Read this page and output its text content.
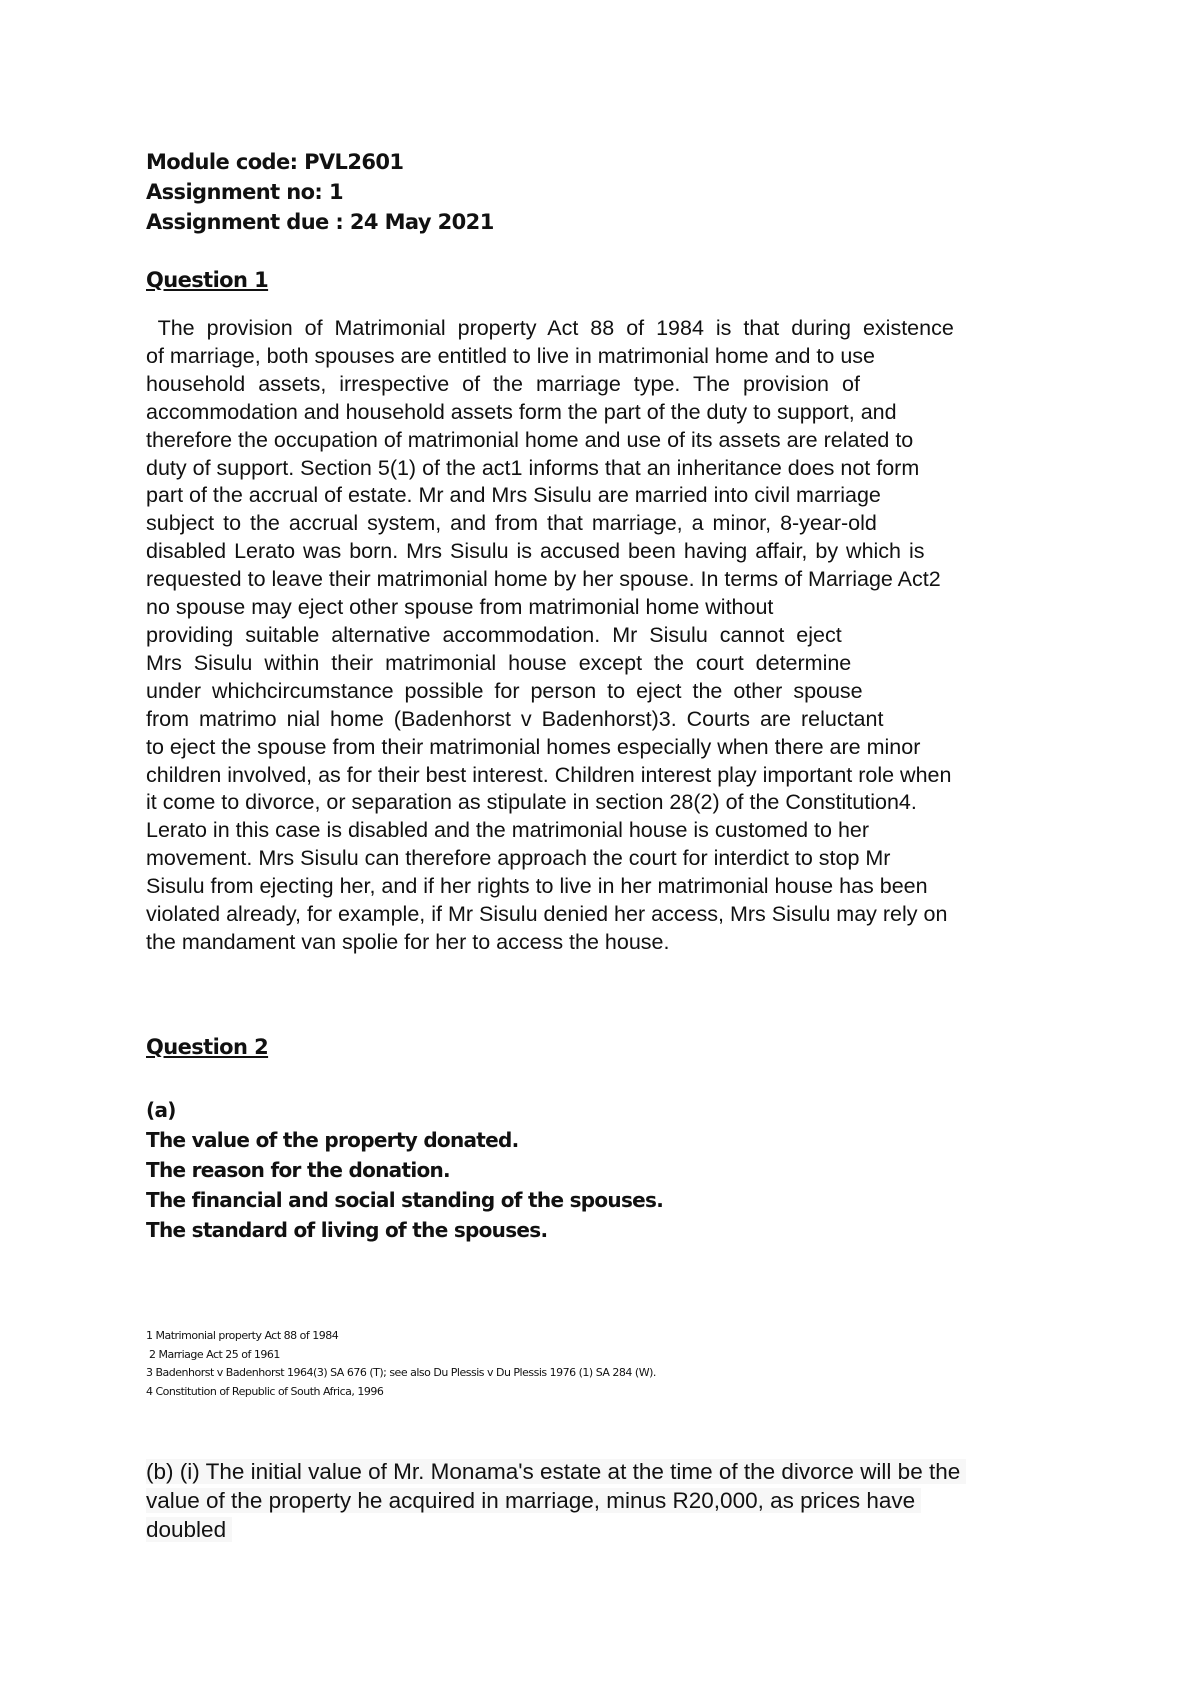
Module code: PVL2601
Assignment no: 1
Assignment due : 24 May 2021
Question 1
The provision of Matrimonial property Act 88 of 1984 is that during existence
of marriage, both spouses are entitled to live in matrimonial home and to use
household assets, irrespective of the marriage type. The provision of
accommodation and household assets form the part of the duty to support, and
therefore the occupation of matrimonial home and use of its assets are related to
duty of support. Section 5(1) of the act1 informs that an inheritance does not form
part of the accrual of estate. Mr and Mrs Sisulu are married into civil marriage
subject to the accrual system, and from that marriage, a minor, 8-year-old
disabled Lerato was born. Mrs Sisulu is accused been having affair, by which is
requested to leave their matrimonial home by her spouse. In terms of Marriage Act2
no spouse may eject other spouse from matrimonial home without
providing suitable alternative accommodation. Mr Sisulu cannot eject
Mrs Sisulu within their matrimonial house except the court determine
under whichcircumstance possible for person to eject the other spouse
from matrimo nial home (Badenhorst v Badenhorst)3. Courts are reluctant
to eject the spouse from their matrimonial homes especially when there are minor
children involved, as for their best interest. Children interest play important role when
it come to divorce, or separation as stipulate in section 28(2) of the Constitution4.
Lerato in this case is disabled and the matrimonial house is customed to her
movement. Mrs Sisulu can therefore approach the court for interdict to stop Mr
Sisulu from ejecting her, and if her rights to live in her matrimonial house has been
violated already, for example, if Mr Sisulu denied her access, Mrs Sisulu may rely on
the mandament van spolie for her to access the house.
Question 2
(a)
The value of the property donated.
The reason for the donation.
The financial and social standing of the spouses.
The standard of living of the spouses.
1 Matrimonial property Act 88 of 1984
2 Marriage Act 25 of 1961
3 Badenhorst v Badenhorst 1964(3) SA 676 (T); see also Du Plessis v Du Plessis 1976 (1) SA 284 (W).
4 Constitution of Republic of South Africa, 1996
(b) (i) The initial value of Mr. Monama's estate at the time of the divorce will be the
value of the property he acquired in marriage, minus R20,000, as prices have
doubled
